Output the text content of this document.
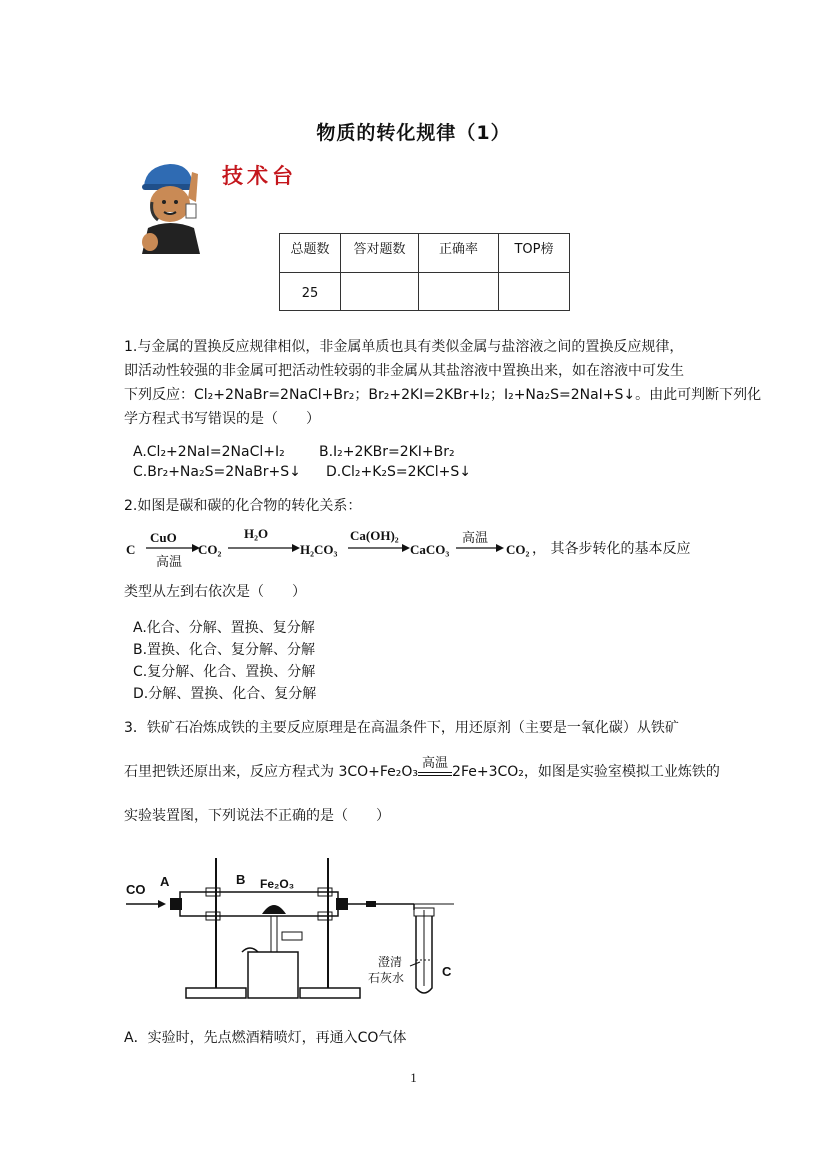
物质的转化规律（1）
技术台
总题数	答对题数	正确率	TOP榜
25			
1.与金属的置换反应规律相似，非金属单质也具有类似金属与盐溶液之间的置换反应规律，
即活动性较强的非金属可把活动性较弱的非金属从其盐溶液中置换出来，如在溶液中可发生
下列反应：Cl₂+2NaBr=2NaCl+Br₂；Br₂+2KI=2KBr+I₂；I₂+Na₂S=2NaI+S↓。由此可判断下列化
学方程式书写错误的是（　　）
A.Cl₂+2NaI=2NaCl+I₂ B.I₂+2KBr=2KI+Br₂
C.Br₂+Na₂S=2NaBr+S↓ D.Cl₂+K₂S=2KCl+S↓
2.如图是碳和碳的化合物的转化关系：
C
CuO
高温
CO₂
H₂O
H₂CO₃
Ca(OH)₂
CaCO₃
高温
CO₂ ， 其各步转化的基本反应
类型从左到右依次是（　　）
A.化合、分解、置换、复分解
B.置换、化合、复分解、分解
C.复分解、化合、置换、分解
D.分解、置换、化合、复分解
3．铁矿石冶炼成铁的主要反应原理是在高温条件下，用还原剂（主要是一氧化碳）从铁矿
石里把铁还原出来，反应方程式为 3CO+Fe₂O₃
高温
2Fe+3CO₂，如图是实验室模拟工业炼铁的
实验装置图，下列说法不正确的是（　　）
CO
A	B Fe₂O₃
C
澄清
石灰水
A．实验时，先点燃酒精喷灯，再通入CO气体
1
